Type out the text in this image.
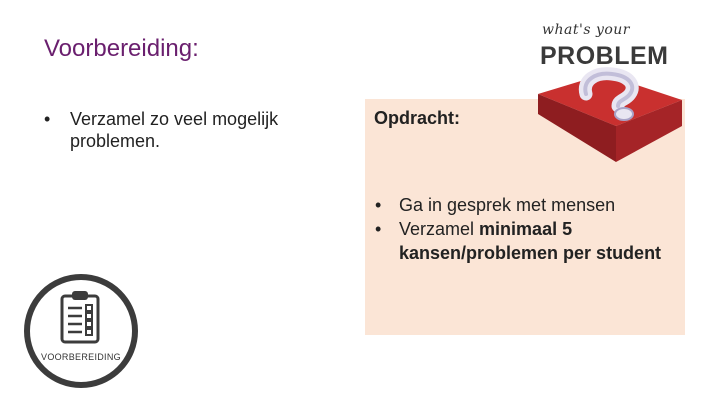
Voorbereiding:
•	Verzamel zo veel mogelijk problemen.
Opdracht:
• Ga in gesprek met mensen
• Verzamel minimaal 5 kansen/problemen per student
what's your
PROBLEM
VOORBEREIDING
